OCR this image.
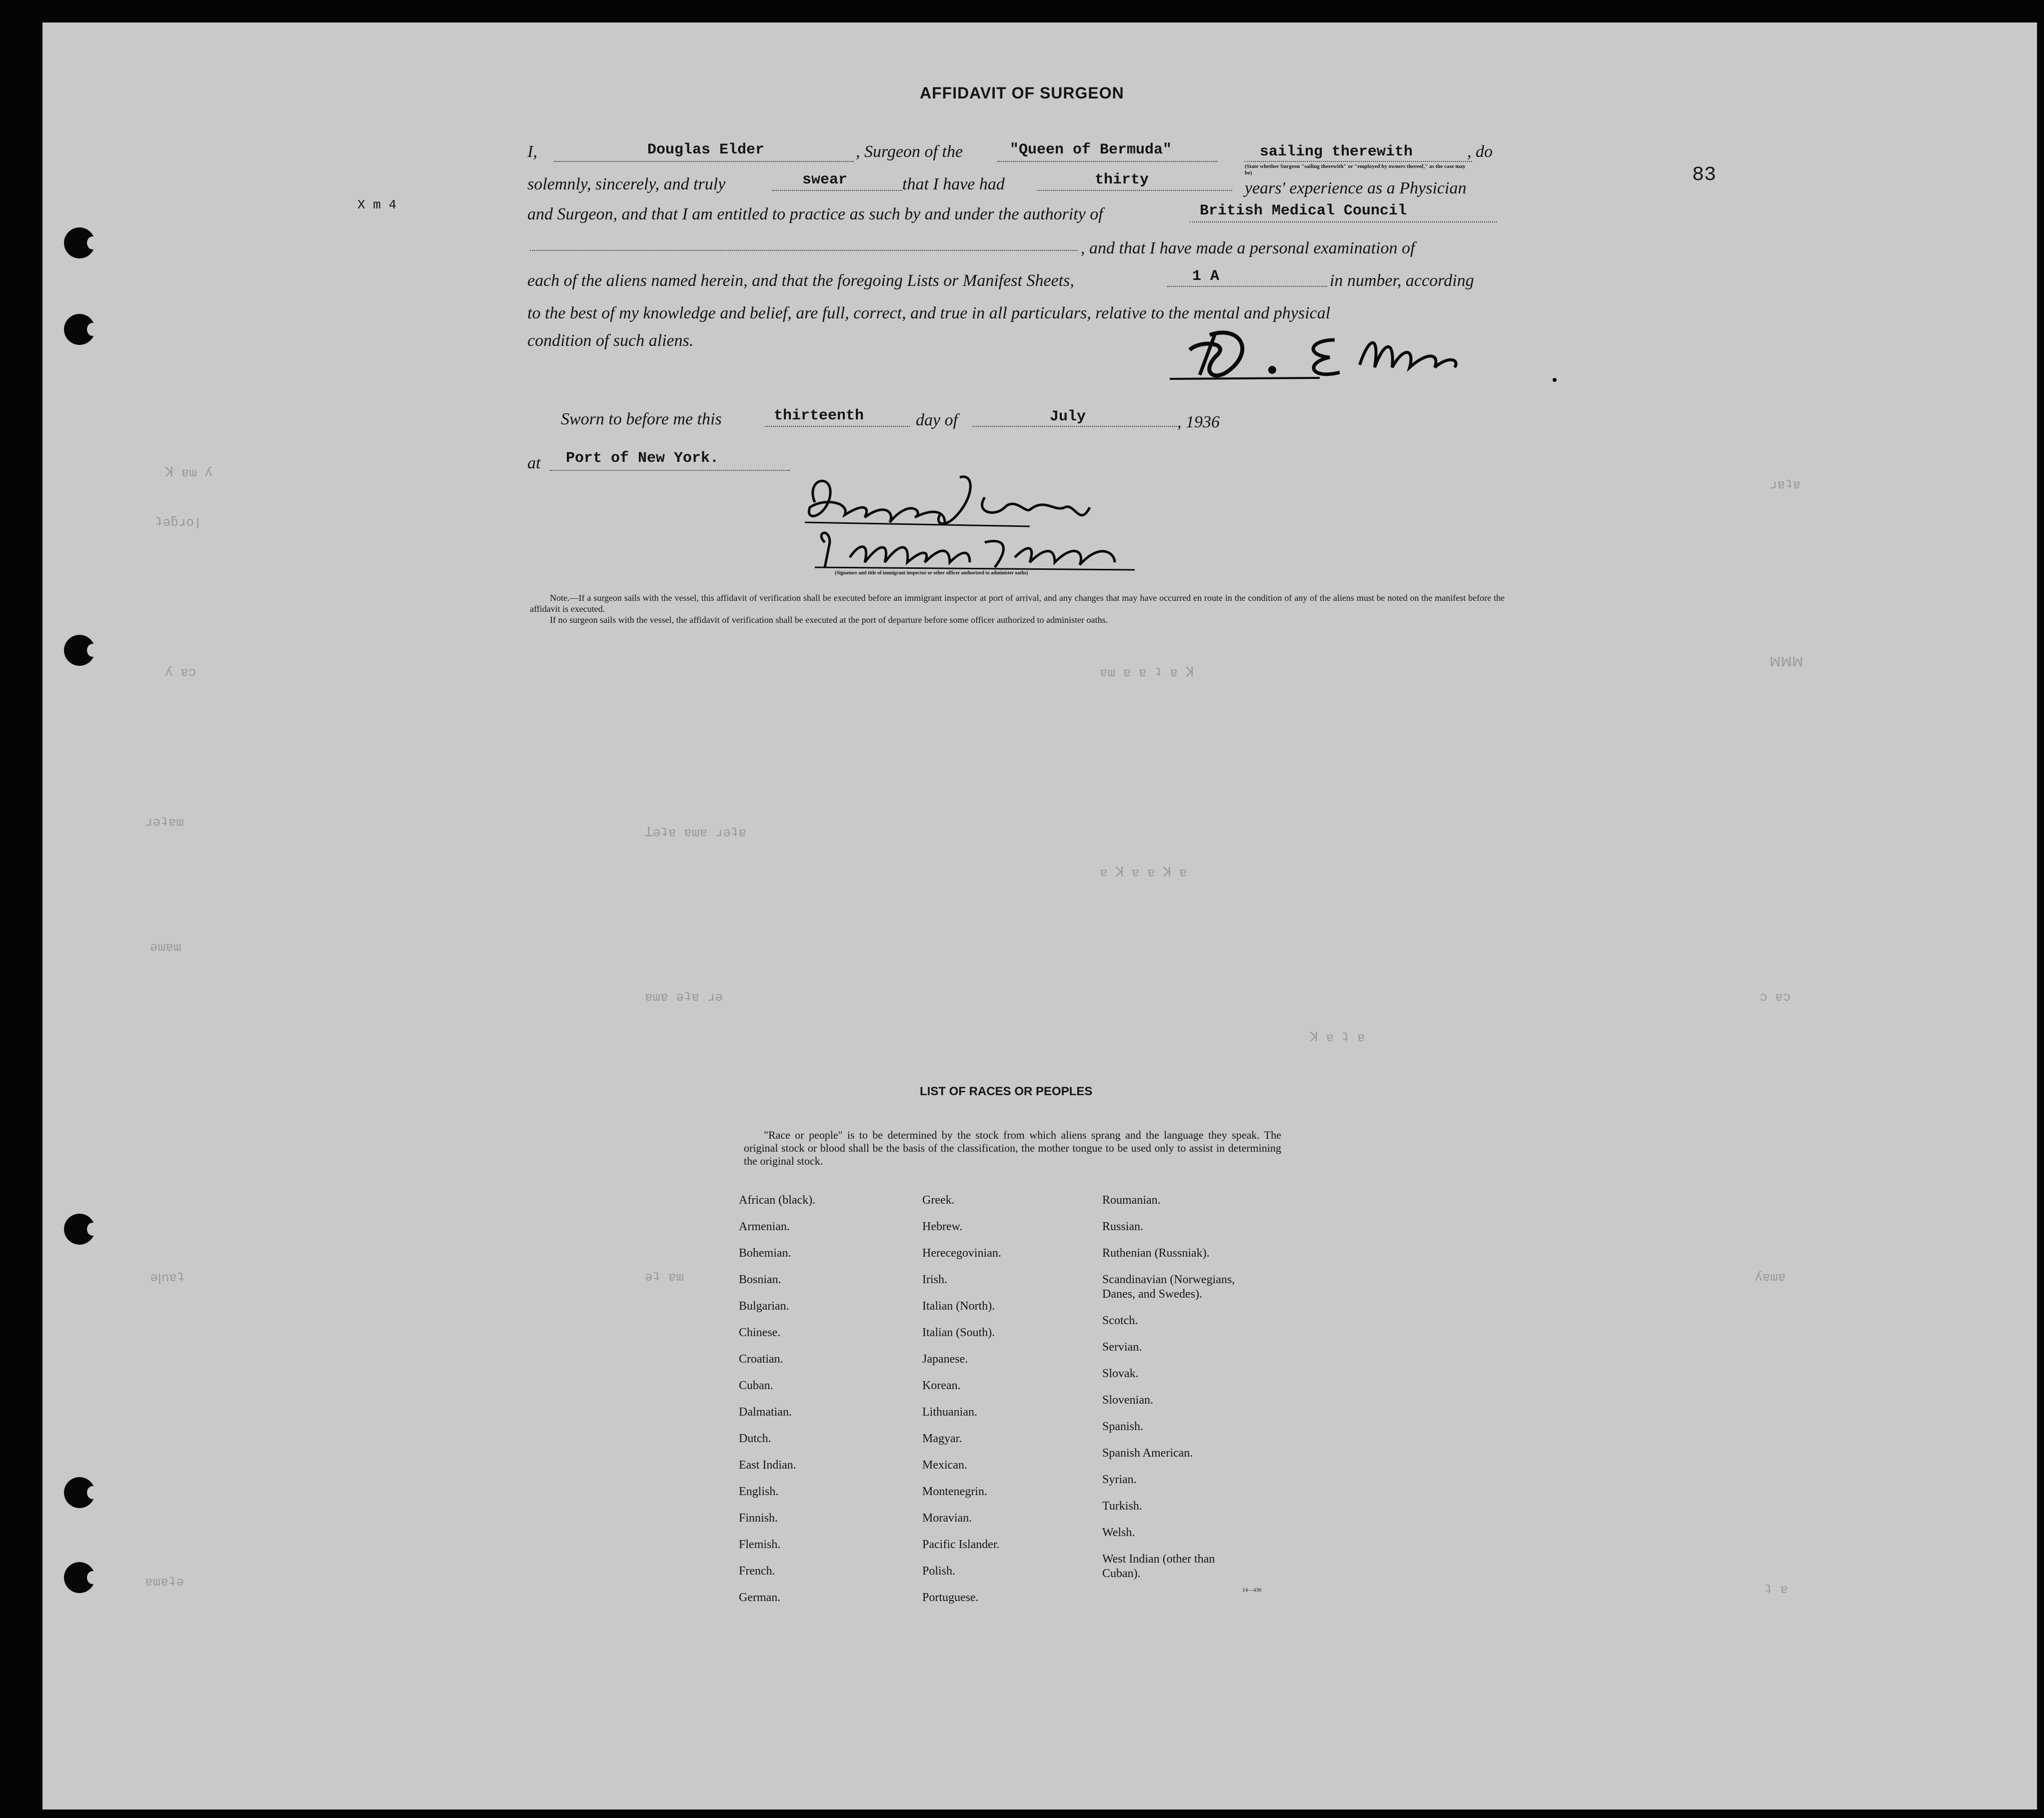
ꓘ ɐɯ ʎ
ʇǝƃɹoן
ʎ ɐɔ
ɹǝʇɐɯ
ǝɯɐɯ
ǝꞁnɐʇ
ɐɯɐʇǝ
ɹɐʇɐ
ꟽꟽꟽ
ɔ ɐɔ
ʎɐɯɐ
ʇ ɐ
ꓕǝʇɐ ɐɯɐ ɹǝʇɐ
ɐɯɐ ǝʇɐ ɹǝ
ǝʇ ɐɯ
ɐɯ ɐ ɐ ʇ ɐ ꓘ
ɐ ꓘ ɐ ɐ ꓘ ɐ
ꓘ ɐ ʇ ɐ
AFFIDAVIT OF SURGEON
83
X m 4
I,	Douglas Elder	, Surgeon of the	"Queen of Bermuda"	sailing therewith	, do
(State whether Surgeon "sailing therewith" or "employed by owners thereof," as the case may be)
solemnly, sincerely, and truly	swear	that I have had	thirty	years' experience as a Physician
and Surgeon, and that I am entitled to practice as such by and under the authority of	British Medical Council
, and that I have made a personal examination of
each of the aliens named herein, and that the foregoing Lists or Manifest Sheets,	1 A	in number, according
to the best of my knowledge and belief, are full, correct, and true in all particulars, relative to the mental and physical
condition of such aliens.
Sworn to before me this	thirteenth	day of	July	, 1936
at Port of New York.
(Signature and title of immigrant inspector or other officer authorized to administer oaths)

Note.—If a surgeon sails with the vessel, this affidavit of verification shall be executed before an immigrant inspector at port of arrival, and any changes that may have occurred en route in the condition of any of the aliens must be noted on the manifest before the affidavit is executed.

If no surgeon sails with the vessel, the affidavit of verification shall be executed at the port of departure before some officer authorized to administer oaths.

LIST OF RACES OR PEOPLES
"Race or people" is to be determined by the stock from which aliens sprang and the language they speak. The original stock or blood shall be the basis of the classification, the mother tongue to be used only to assist in determining the original stock.
African (black).
Armenian.
Bohemian.
Bosnian.
Bulgarian.
Chinese.
Croatian.
Cuban.
Dalmatian.
Dutch.
East Indian.
English.
Finnish.
Flemish.
French.
German.
Greek.
Hebrew.
Herecegovinian.
Irish.
Italian (North).
Italian (South).
Japanese.
Korean.
Lithuanian.
Magyar.
Mexican.
Montenegrin.
Moravian.
Pacific Islander.
Polish.
Portuguese.
Roumanian.
Russian.
Ruthenian (Russniak).
Scandinavian (Norwegians,
Danes, and Swedes).
Scotch.
Servian.
Slovak.
Slovenian.
Spanish.
Spanish American.
Syrian.
Turkish.
Welsh.
West Indian (other than
Cuban).
14—430
